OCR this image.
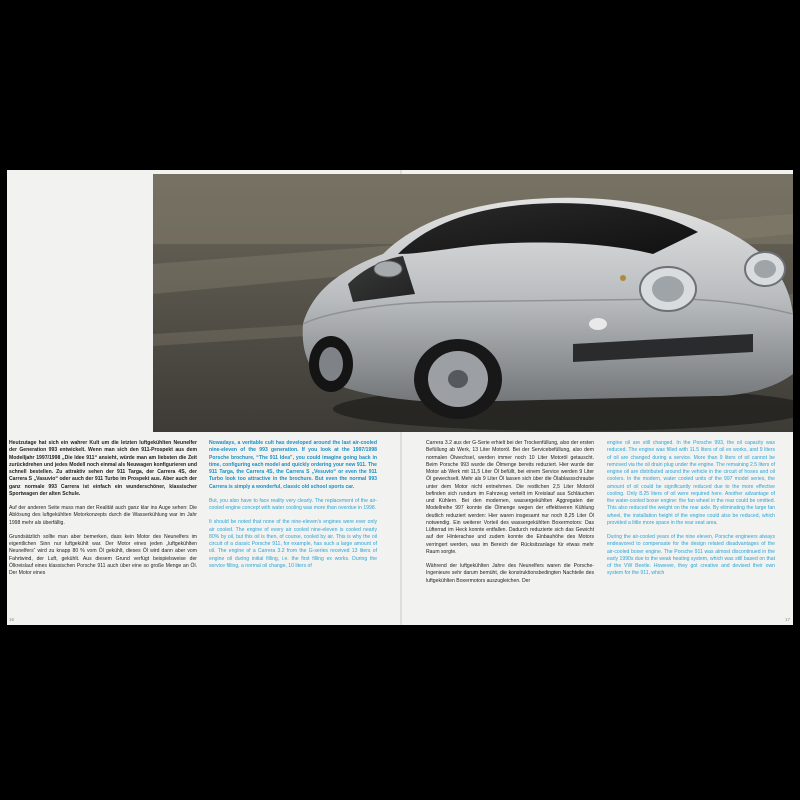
Heutzutage hat sich ein wahrer Kult um die letzten luftgekühlten Neunelfer der Generation 993 entwickelt. Wenn man sich den 911-Prospekt aus dem Modelljahr 1997/1998 „Die Idee 911“ ansieht, würde man am liebsten die Zeit zurückdrehen und jedes Modell noch einmal als Neuwagen konfigurieren und schnell bestellen. Zu attraktiv sehen der 911 Targa, der Carrera 4S, der Carrera S „Vasuvio“ oder auch der 911 Turbo im Prospekt aus. Aber auch der ganz normale 993 Carrera ist einfach ein wunderschöner, klassischer Sportwagen der alten Schule.

Auf der anderen Seite muss man der Realität auch ganz klar ins Auge sehen: Die Ablösung des luftgekühlten Motorkonzepts durch die Wasserkühlung war im Jahr 1998 mehr als überfällig.

Grundsätzlich sollte man aber bemerken, dass kein Motor des Neunelfers im eigentlichen Sinn nur luftgekühlt war. Der Motor eines jeden „luftgekühlten Neunelfers“ wird zu knapp 80 % vom Öl gekühlt, dieses Öl wird dann aber vom Fahrtwind, der Luft, gekühlt. Aus diesem Grund verfügt beispielsweise der Ölkreislauf eines klassischen Porsche 911 auch über eine so große Menge an Öl. Der Motor eines

Nowadays, a veritable cult has developed around the last air-cooled nine-eleven of the 993 generation. If you look at the 1997/1998 Porsche brochure, “The 911 Idea”, you could imagine going back in time, configuring each model and quickly ordering your new 911. The 911 Targa, the Carrera 4S, the Carrera S „Vesuvio“ or even the 911 Turbo look too attractive in the brochure. But even the normal 993 Carrera is simply a wonderful, classic old school sports car.

But, you also have to face reality very clearly. The replacement of the air-cooled engine concept with water cooling was more than overdue in 1998.

It should be noted that none of the nine-eleven’s engines were ever only air cooled. The engine of every air cooled nine-eleven is cooled nearly 80% by oil, but this oil is then, of course, cooled by air. This is why the oil circuit of a classic Porsche 911, for example, has such a large amount of oil. The engine of a Carrera 3.2 from the G-series received 13 liters of engine oil during initial filling, i.e. the first filling ex works. During the service filling, a normal oil change, 10 liters of

Carrera 3.2 aus der G-Serie erhielt bei der Trockenfüllung, also der ersten Befüllung ab Werk, 13 Liter Motoröl. Bei der Servicebefüllung, also dem normalen Ölwechsel, werden immer noch 10 Liter Motoröl getauscht. Beim Porsche 993 wurde die Ölmenge bereits reduziert. Hier wurde der Motor ab Werk mit 11,5 Liter Öl befüllt, bei einem Service werden 9 Liter Öl gewechselt. Mehr als 9 Liter Öl lassen sich über die Ölablassschraube unter dem Motor nicht entnehmen. Die restlichen 2,5 Liter Motoröl befinden sich rundum im Fahrzeug verteilt im Kreislauf aus Schläuchen und Kühlern. Bei den modernen, wassergekühlten Aggregaten der Modellreihe 997 konnte die Ölmenge wegen der effektiveren Kühlung deutlich reduziert werden: Hier waren insgesamt nur noch 8,25 Liter Öl notwendig. Ein weiterer Vorteil des wassergekühlten Boxermotors: Das Lüfterrad im Heck konnte entfallen. Dadurch reduzierte sich das Gewicht auf der Hinterachse und zudem konnte die Einbauhöhe des Motors verringert werden, was im Bereich der Rücksitzanlage für etwas mehr Raum sorgte.

Während der luftgekühlten Jahre des Neunelfers waren die Porsche-Ingenieure sehr darum bemüht, die konstruktionsbedingten Nachteile des luftgekühlten Boxermotors auszugleichen. Der

engine oil are still changed. In the Porsche 993, the oil capacity was reduced. The engine was filled with 11.5 liters of oil ex works, and 9 liters of oil are changed during a service. More than 9 liters of oil cannot be removed via the oil drain plug under the engine. The remaining 2.5 liters of engine oil are distributed around the vehicle in the circuit of hoses and oil coolers. In the modern, water cooled units of the 997 model series, the amount of oil could be significantly reduced due to the more effective cooling. Only 8.25 liters of oil were required here. Another advantage of the water-cooled boxer engine: the fan wheel in the rear could be omitted. This also reduced the weight on the rear axle. By eliminating the large fan wheel, the installation height of the engine could also be reduced, which provided a little more space in the rear seat area.

During the air-cooled years of the nine eleven, Porsche engineers always endeavored to compensate for the design related disadvantages of the air-cooled boxer engine. The Porsche 911 was almost discontinued in the early 1990s due to the weak heating system, which was still based on that of the VW Beetle. However, they got creative and devised their own system for the 911, which

16	17
